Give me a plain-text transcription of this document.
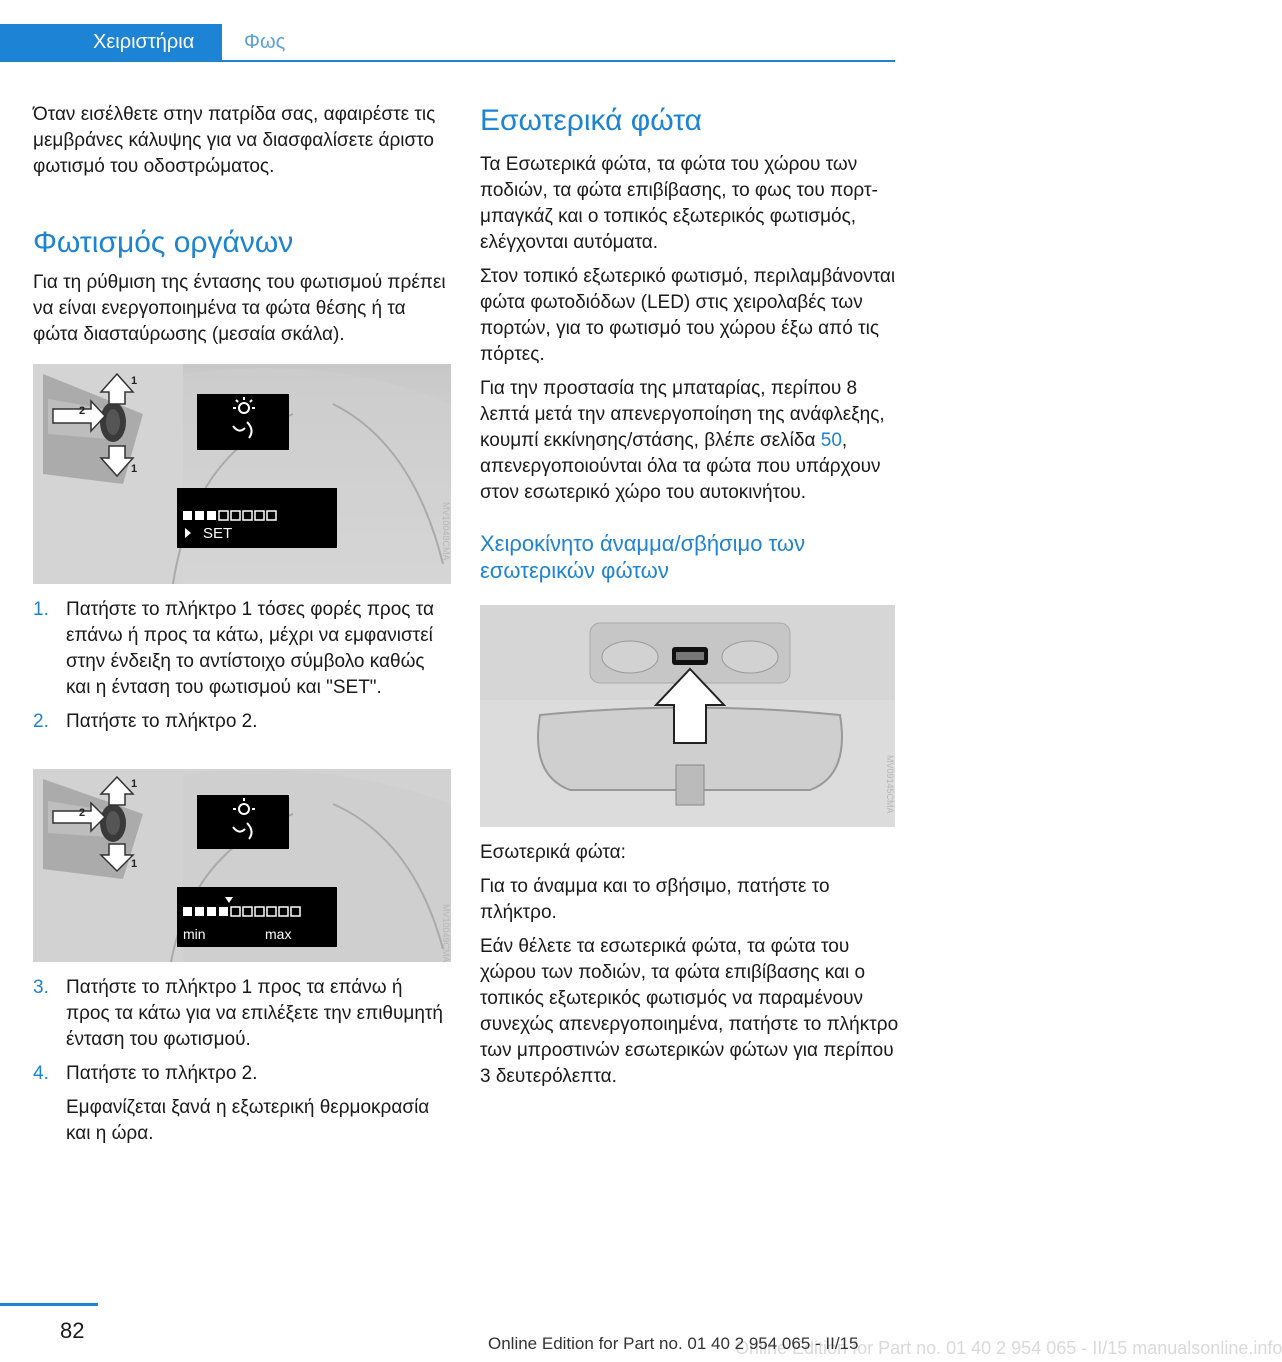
Χειριστήρια	Φως

Όταν εισέλθετε στην πατρίδα σας, αφαιρέστε τις μεμβράνες κάλυψης για να διασφαλίσετε άριστο φωτισμό του οδοστρώματος.

Φωτισμός οργάνων

Για τη ρύθμιση της έντασης του φωτισμού πρέπει να είναι ενεργοποιημένα τα φώτα θέσης ή τα φώτα διασταύρωσης (μεσαία σκάλα).

1
1
2
SET	MV10048CMA
1. Πατήστε το πλήκτρο 1 τόσες φορές προς τα επάνω ή προς τα κάτω, μέχρι να εμφανιστεί στην ένδειξη το αντίστοιχο σύμβολο καθώς και η ένταση του φωτισμού και "SET".
2. Πατήστε το πλήκτρο 2.
1
1
2
min	max	MV10049CMA
3. Πατήστε το πλήκτρο 1 προς τα επάνω ή προς τα κάτω για να επιλέξετε την επιθυμητή ένταση του φωτισμού.
4. Πατήστε το πλήκτρο 2.

Εμφανίζεται ξανά η εξωτερική θερμοκρασία και η ώρα.

Εσωτερικά φώτα

Τα Εσωτερικά φώτα, τα φώτα του χώρου των ποδιών, τα φώτα επιβίβασης, το φως του πορτ-μπαγκάζ και ο τοπικός εξωτερικός φωτισμός, ελέγχονται αυτόματα.

Στον τοπικό εξωτερικό φωτισμό, περιλαμβάνονται φώτα φωτοδιόδων (LED) στις χειρολαβές των πορτών, για το φωτισμό του χώρου έξω από τις πόρτες.

Για την προστασία της μπαταρίας, περίπου 8 λεπτά μετά την απενεργοποίηση της ανάφλεξης, κουμπί εκκίνησης/στάσης, βλέπε σελίδα 50, απενεργοποιούνται όλα τα φώτα που υπάρχουν στον εσωτερικό χώρο του αυτοκινήτου.

Χειροκίνητο άναμμα/σβήσιμο των εσωτερικών φώτων
MV09145CMA

Εσωτερικά φώτα:

Για το άναμμα και το σβήσιμο, πατήστε το πλήκτρο.

Εάν θέλετε τα εσωτερικά φώτα, τα φώτα του χώρου των ποδιών, τα φώτα επιβίβασης και ο τοπικός εξωτερικός φωτισμός να παραμένουν συνεχώς απενεργοποιημένα, πατήστε το πλήκτρο των μπροστινών εσωτερικών φώτων για περίπου 3 δευτερόλεπτα.

82
Online Edition for Part no. 01 40 2 954 065 - II/15 manualsonline.info
Online Edition for Part no. 01 40 2 954 065 - II/15
